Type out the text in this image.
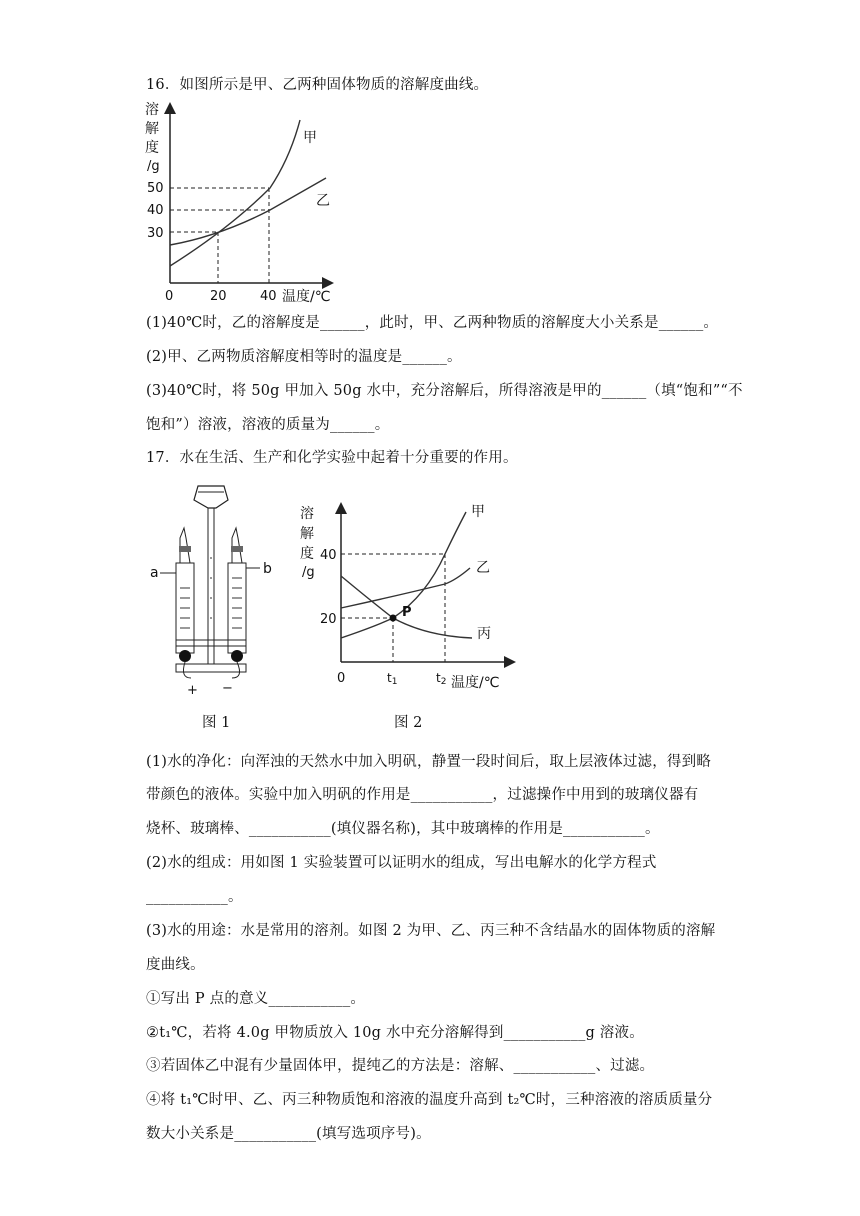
16．如图所示是甲、乙两种固体物质的溶解度曲线。
溶
解
度
/g
30
40
50
0	20	40 温度/℃
甲
乙
(1)40℃时，乙的溶解度是______，此时，甲、乙两种物质的溶解度大小关系是______。
(2)甲、乙两物质溶解度相等时的温度是______。
(3)40℃时，将 50g 甲加入 50g 水中，充分溶解后，所得溶液是甲的______（填“饱和”“不
饱和”）溶液，溶液的质量为______。
17．水在生活、生产和化学实验中起着十分重要的作用。
a	b
+ −
图 1
溶
解
度
/g
40
20
0	t1	t2 温度/℃
P
甲
乙
丙
图 2
(1)水的净化：向浑浊的天然水中加入明矾，静置一段时间后，取上层液体过滤，得到略
带颜色的液体。实验中加入明矾的作用是___________，过滤操作中用到的玻璃仪器有
烧杯、玻璃棒、___________(填仪器名称)，其中玻璃棒的作用是___________。
(2)水的组成：用如图 1 实验装置可以证明水的组成，写出电解水的化学方程式
___________。
(3)水的用途：水是常用的溶剂。如图 2 为甲、乙、丙三种不含结晶水的固体物质的溶解
度曲线。
①写出 P 点的意义___________。
②t₁℃，若将 4.0g 甲物质放入 10g 水中充分溶解得到___________g 溶液。
③若固体乙中混有少量固体甲，提纯乙的方法是：溶解、___________、过滤。
④将 t₁℃时甲、乙、丙三种物质饱和溶液的温度升高到 t₂℃时，三种溶液的溶质质量分
数大小关系是___________(填写选项序号)。
